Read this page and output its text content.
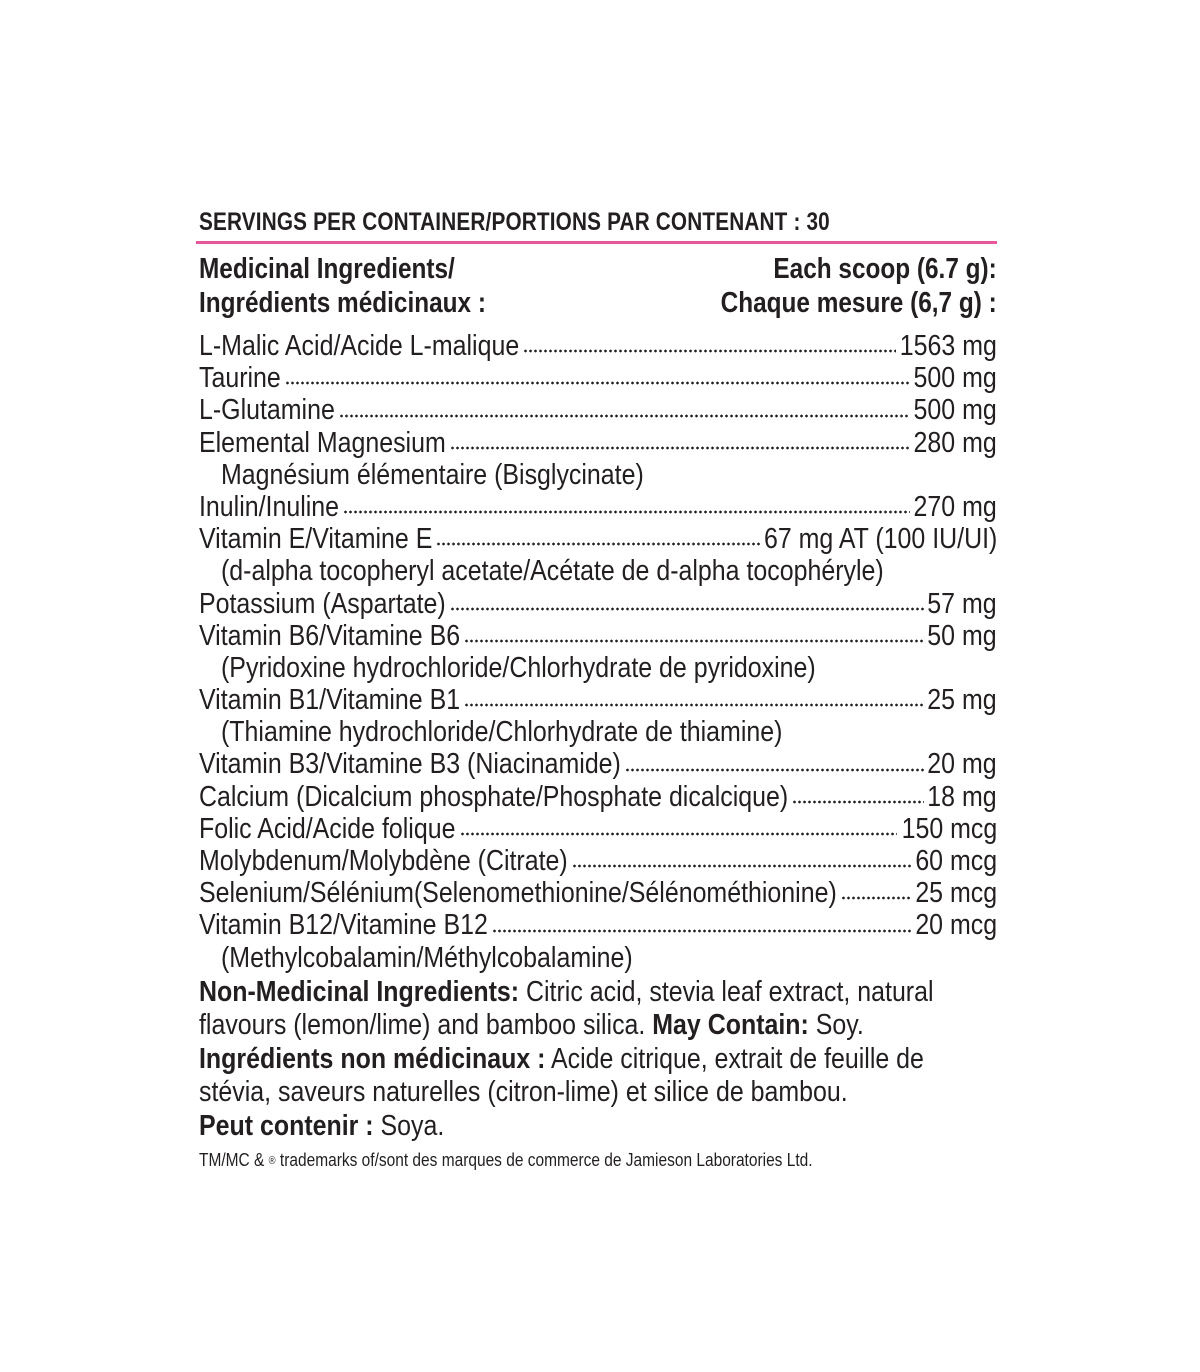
SERVINGS PER CONTAINER/PORTIONS PAR CONTENANT : 30
Medicinal Ingredients/
Ingrédients médicinaux :
Each scoop (6.7 g):
Chaque mesure (6,7 g) :
L-Malic Acid/Acide L-malique	1563 mg
Taurine	500 mg
L-Glutamine	500 mg
Elemental Magnesium	280 mg
Magnésium élémentaire (Bisglycinate)
Inulin/Inuline	270 mg
Vitamin E/Vitamine E	67 mg AT (100 IU/UI)
(d-alpha tocopheryl acetate/Acétate de d-alpha tocophéryle)
Potassium (Aspartate)	57 mg
Vitamin B6/Vitamine B6	50 mg
(Pyridoxine hydrochloride/Chlorhydrate de pyridoxine)
Vitamin B1/Vitamine B1	25 mg
(Thiamine hydrochloride/Chlorhydrate de thiamine)
Vitamin B3/Vitamine B3 (Niacinamide)	20 mg
Calcium (Dicalcium phosphate/Phosphate dicalcique)	18 mg
Folic Acid/Acide folique	150 mcg
Molybdenum/Molybdène (Citrate)	60 mcg
Selenium/Sélénium(Selenomethionine/Sélénométhionine)	25 mcg
Vitamin B12/Vitamine B12	20 mcg
(Methylcobalamin/Méthylcobalamine)

Non-Medicinal Ingredients: Citric acid, stevia leaf extract, natural

flavours (lemon/lime) and bamboo silica. May Contain: Soy.

Ingrédients non médicinaux : Acide citrique, extrait de feuille de

stévia, saveurs naturelles (citron-lime) et silice de bambou.

Peut contenir : Soya.

TM/MC & ® trademarks of/sont des marques de commerce de Jamieson Laboratories Ltd.
